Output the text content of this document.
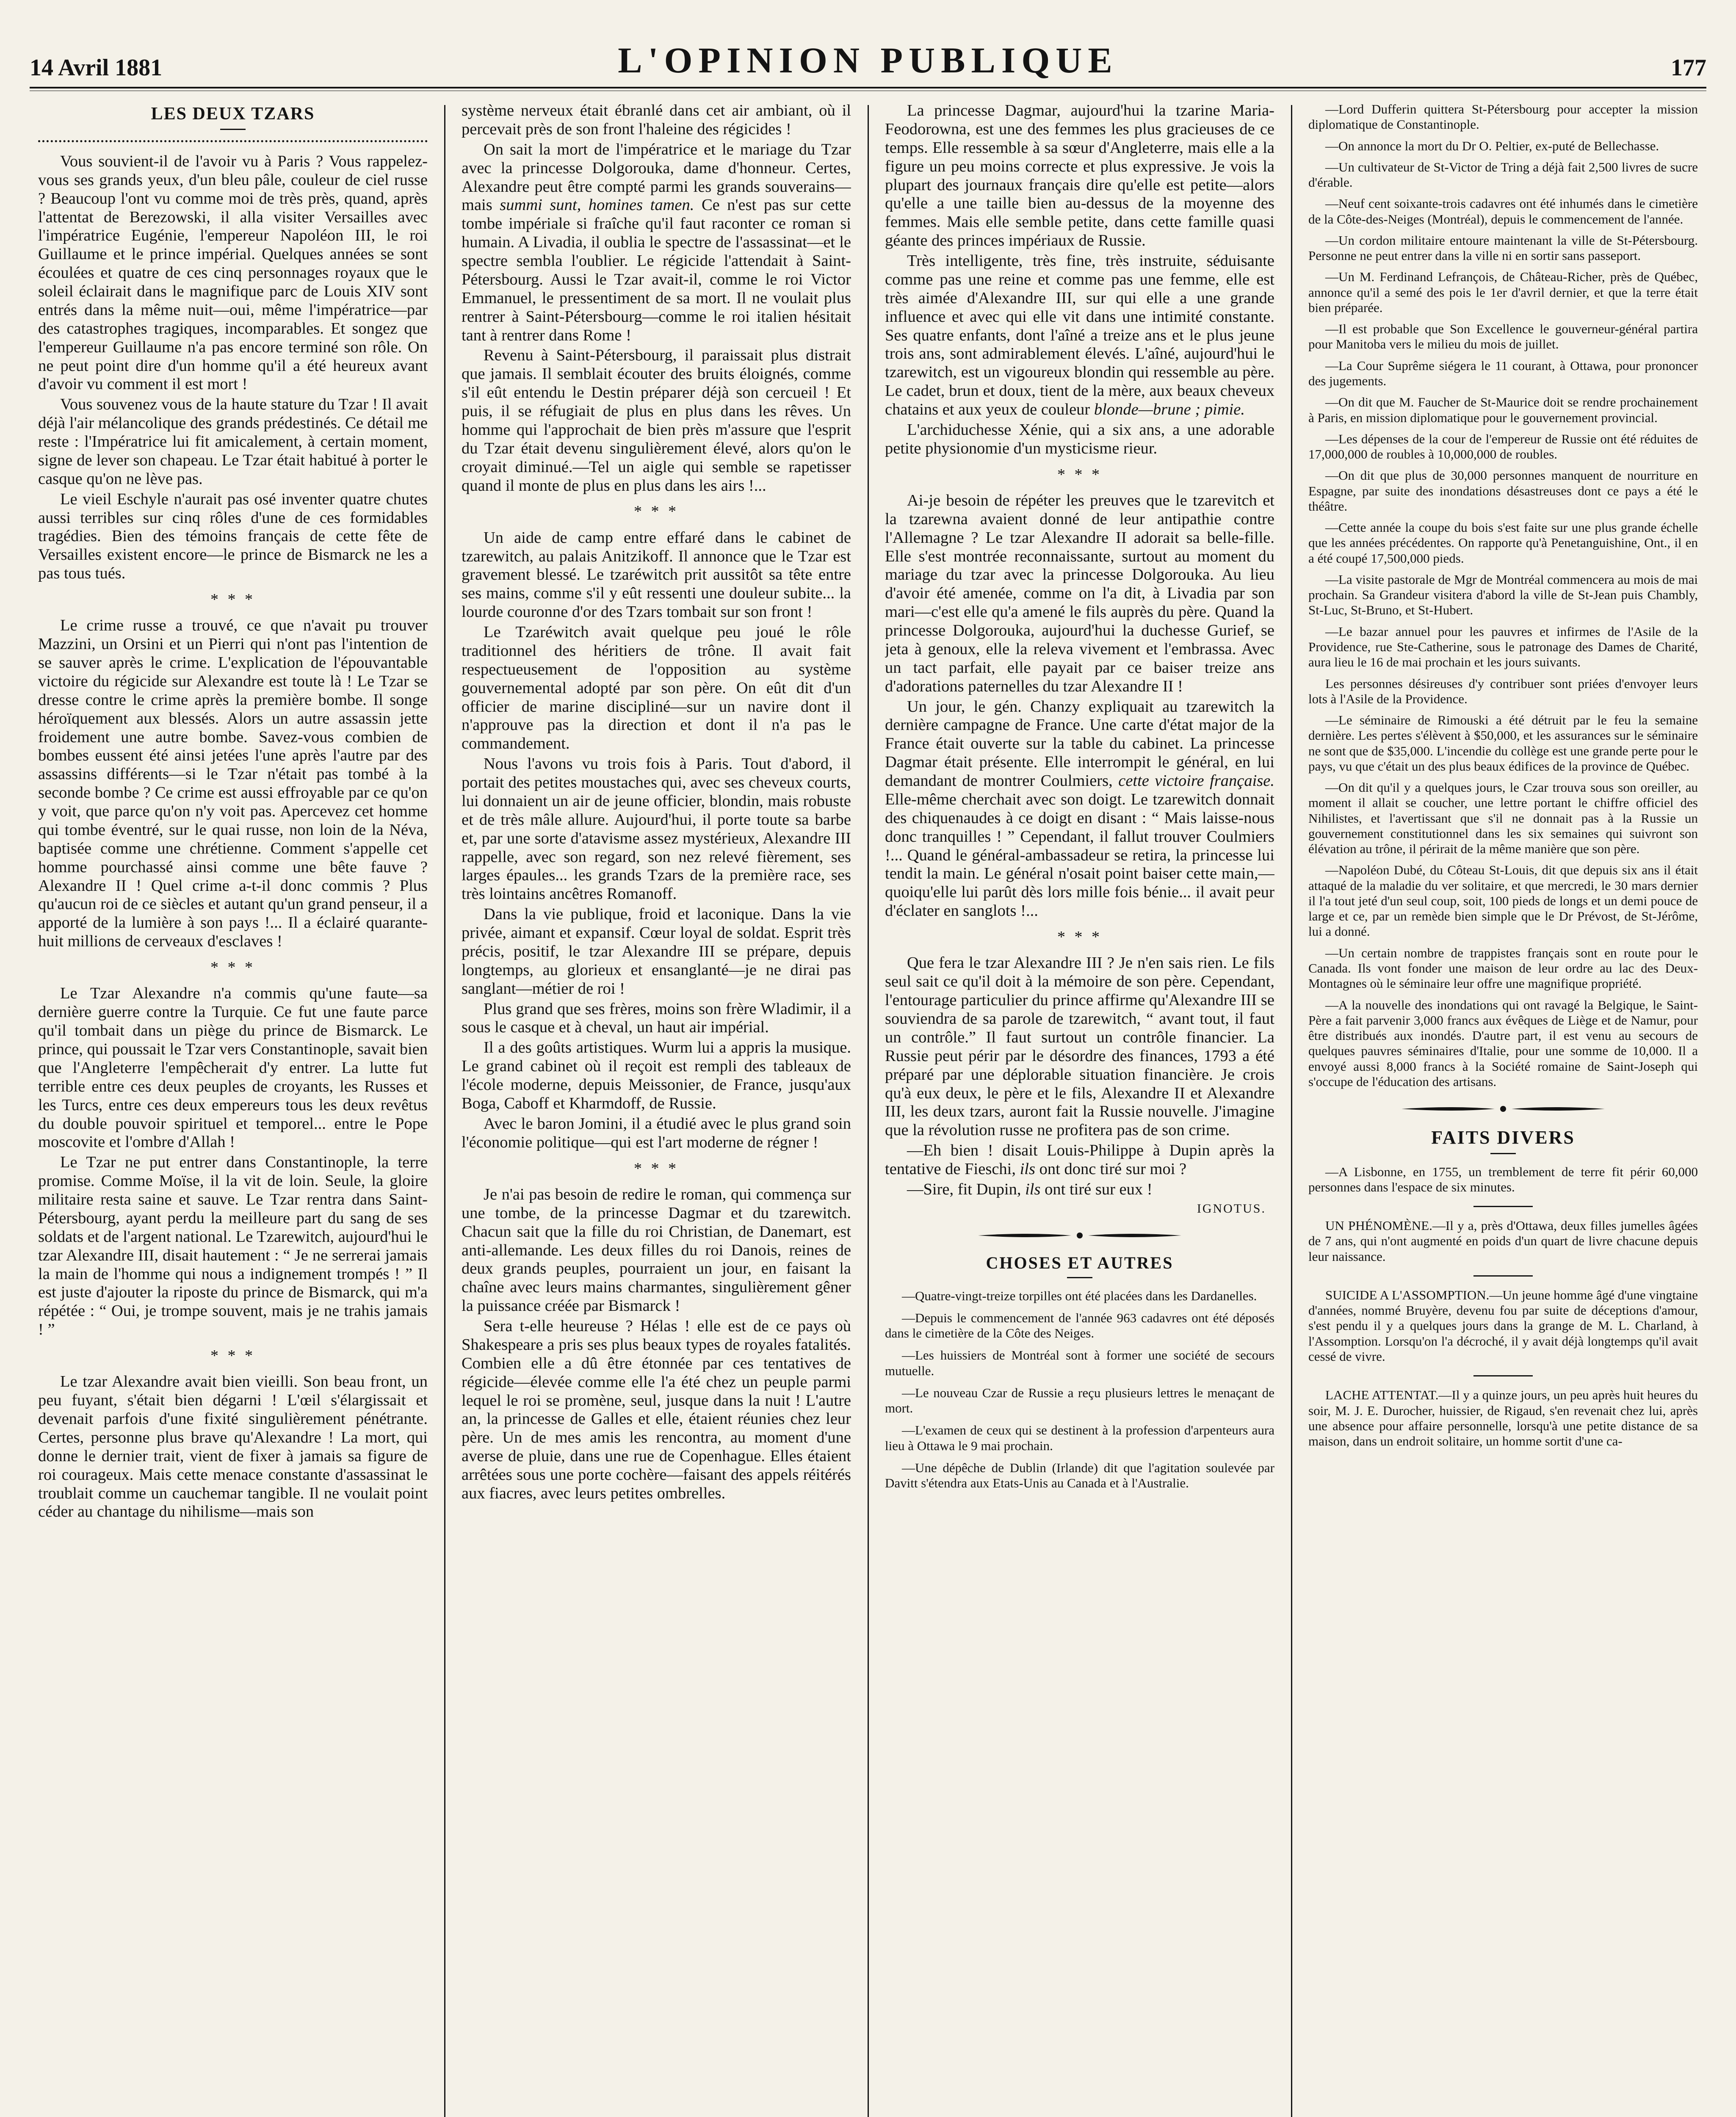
14 Avril 1881	L'OPINION PUBLIQUE	177
LES DEUX TZARS

Vous souvient-il de l'avoir vu à Paris ? Vous rappelez-vous ses grands yeux, d'un bleu pâle, couleur de ciel russe ? Beaucoup l'ont vu comme moi de très près, quand, après l'attentat de Berezowski, il alla visiter Versailles avec l'impératrice Eugénie, l'empereur Napoléon III, le roi Guillaume et le prince impérial. Quelques années se sont écoulées et quatre de ces cinq personnages royaux que le soleil éclairait dans le magnifique parc de Louis XIV sont entrés dans la même nuit—oui, même l'impératrice—par des catastrophes tragiques, incomparables. Et songez que l'empereur Guillaume n'a pas encore terminé son rôle. On ne peut point dire d'un homme qu'il a été heureux avant d'avoir vu comment il est mort !

Vous souvenez vous de la haute stature du Tzar ! Il avait déjà l'air mélancolique des grands prédestinés. Ce détail me reste : l'Impératrice lui fit amicalement, à certain moment, signe de lever son chapeau. Le Tzar était habitué à porter le casque qu'on ne lève pas.

Le vieil Eschyle n'aurait pas osé inventer quatre chutes aussi terribles sur cinq rôles d'une de ces formidables tragédies. Bien des témoins français de cette fête de Versailles existent encore—le prince de Bismarck ne les a pas tous tués.

* * *

Le crime russe a trouvé, ce que n'avait pu trouver Mazzini, un Orsini et un Pierri qui n'ont pas l'intention de se sauver après le crime. L'explication de l'épouvantable victoire du régicide sur Alexandre est toute là ! Le Tzar se dresse contre le crime après la première bombe. Il songe héroïquement aux blessés. Alors un autre assassin jette froidement une autre bombe. Savez-vous combien de bombes eussent été ainsi jetées l'une après l'autre par des assassins différents—si le Tzar n'était pas tombé à la seconde bombe ? Ce crime est aussi effroyable par ce qu'on y voit, que parce qu'on n'y voit pas. Apercevez cet homme qui tombe éventré, sur le quai russe, non loin de la Néva, baptisée comme une chrétienne. Comment s'appelle cet homme pourchassé ainsi comme une bête fauve ? Alexandre II ! Quel crime a-t-il donc commis ? Plus qu'aucun roi de ce siècles et autant qu'un grand penseur, il a apporté de la lumière à son pays !... Il a éclairé quarante-huit millions de cerveaux d'esclaves !

* * *

Le Tzar Alexandre n'a commis qu'une faute—sa dernière guerre contre la Turquie. Ce fut une faute parce qu'il tombait dans un piège du prince de Bismarck. Le prince, qui poussait le Tzar vers Constantinople, savait bien que l'Angleterre l'empêcherait d'y entrer. La lutte fut terrible entre ces deux peuples de croyants, les Russes et les Turcs, entre ces deux empereurs tous les deux revêtus du double pouvoir spirituel et temporel... entre le Pope moscovite et l'ombre d'Allah !

Le Tzar ne put entrer dans Constantinople, la terre promise. Comme Moïse, il la vit de loin. Seule, la gloire militaire resta saine et sauve. Le Tzar rentra dans Saint-Pétersbourg, ayant perdu la meilleure part du sang de ses soldats et de l'argent national. Le Tzarewitch, aujourd'hui le tzar Alexandre III, disait hautement : “ Je ne serrerai jamais la main de l'homme qui nous a indignement trompés ! ” Il est juste d'ajouter la riposte du prince de Bismarck, qui m'a répétée : “ Oui, je trompe souvent, mais je ne trahis jamais ! ”

* * *

Le tzar Alexandre avait bien vieilli. Son beau front, un peu fuyant, s'était bien dégarni ! L'œil s'élargissait et devenait parfois d'une fixité singulièrement pénétrante. Certes, personne plus brave qu'Alexandre ! La mort, qui donne le dernier trait, vient de fixer à jamais sa figure de roi courageux. Mais cette menace constante d'assassinat le troublait comme un cauchemar tangible. Il ne voulait point céder au chantage du nihilisme—mais son

système nerveux était ébranlé dans cet air ambiant, où il percevait près de son front l'haleine des régicides !

On sait la mort de l'impératrice et le mariage du Tzar avec la princesse Dolgorouka, dame d'honneur. Certes, Alexandre peut être compté parmi les grands souverains—mais summi sunt, homines tamen. Ce n'est pas sur cette tombe impériale si fraîche qu'il faut raconter ce roman si humain. A Livadia, il oublia le spectre de l'assassinat—et le spectre sembla l'oublier. Le régicide l'attendait à Saint-Pétersbourg. Aussi le Tzar avait-il, comme le roi Victor Emmanuel, le pressentiment de sa mort. Il ne voulait plus rentrer à Saint-Pétersbourg—comme le roi italien hésitait tant à rentrer dans Rome !

Revenu à Saint-Pétersbourg, il paraissait plus distrait que jamais. Il semblait écouter des bruits éloignés, comme s'il eût entendu le Destin préparer déjà son cercueil ! Et puis, il se réfugiait de plus en plus dans les rêves. Un homme qui l'approchait de bien près m'assure que l'esprit du Tzar était devenu singulièrement élevé, alors qu'on le croyait diminué.—Tel un aigle qui semble se rapetisser quand il monte de plus en plus dans les airs !...

* * *

Un aide de camp entre effaré dans le cabinet de tzarewitch, au palais Anitzikoff. Il annonce que le Tzar est gravement blessé. Le tzaréwitch prit aussitôt sa tête entre ses mains, comme s'il y eût ressenti une douleur subite... la lourde couronne d'or des Tzars tombait sur son front !

Le Tzaréwitch avait quelque peu joué le rôle traditionnel des héritiers de trône. Il avait fait respectueusement de l'opposition au système gouvernemental adopté par son père. On eût dit d'un officier de marine discipliné—sur un navire dont il n'approuve pas la direction et dont il n'a pas le commandement.

Nous l'avons vu trois fois à Paris. Tout d'abord, il portait des petites moustaches qui, avec ses cheveux courts, lui donnaient un air de jeune officier, blondin, mais robuste et de très mâle allure. Aujourd'hui, il porte toute sa barbe et, par une sorte d'atavisme assez mystérieux, Alexandre III rappelle, avec son regard, son nez relevé fièrement, ses larges épaules... les grands Tzars de la première race, ses très lointains ancêtres Romanoff.

Dans la vie publique, froid et laconique. Dans la vie privée, aimant et expansif. Cœur loyal de soldat. Esprit très précis, positif, le tzar Alexandre III se prépare, depuis longtemps, au glorieux et ensanglanté—je ne dirai pas sanglant—métier de roi !

Plus grand que ses frères, moins son frère Wladimir, il a sous le casque et à cheval, un haut air impérial.

Il a des goûts artistiques. Wurm lui a appris la musique. Le grand cabinet où il reçoit est rempli des tableaux de l'école moderne, depuis Meissonier, de France, jusqu'aux Boga, Caboff et Kharmdoff, de Russie.

Avec le baron Jomini, il a étudié avec le plus grand soin l'économie politique—qui est l'art moderne de régner !

* * *

Je n'ai pas besoin de redire le roman, qui commença sur une tombe, de la princesse Dagmar et du tzarewitch. Chacun sait que la fille du roi Christian, de Danemart, est anti-allemande. Les deux filles du roi Danois, reines de deux grands peuples, pourraient un jour, en faisant la chaîne avec leurs mains charmantes, singulièrement gêner la puissance créée par Bismarck !

Sera t-elle heureuse ? Hélas ! elle est de ce pays où Shakespeare a pris ses plus beaux types de royales fatalités. Combien elle a dû être étonnée par ces tentatives de régicide—élevée comme elle l'a été chez un peuple parmi lequel le roi se promène, seul, jusque dans la nuit ! L'autre an, la princesse de Galles et elle, étaient réunies chez leur père. Un de mes amis les rencontra, au moment d'une averse de pluie, dans une rue de Copenhague. Elles étaient arrêtées sous une porte cochère—faisant des appels réitérés aux fiacres, avec leurs petites ombrelles.

La princesse Dagmar, aujourd'hui la tzarine Maria-Feodorowna, est une des femmes les plus gracieuses de ce temps. Elle ressemble à sa sœur d'Angleterre, mais elle a la figure un peu moins correcte et plus expressive. Je vois la plupart des journaux français dire qu'elle est petite—alors qu'elle a une taille bien au-dessus de la moyenne des femmes. Mais elle semble petite, dans cette famille quasi géante des princes impériaux de Russie.

Très intelligente, très fine, très instruite, séduisante comme pas une reine et comme pas une femme, elle est très aimée d'Alexandre III, sur qui elle a une grande influence et avec qui elle vit dans une intimité constante. Ses quatre enfants, dont l'aîné a treize ans et le plus jeune trois ans, sont admirablement élevés. L'aîné, aujourd'hui le tzarewitch, est un vigoureux blondin qui ressemble au père. Le cadet, brun et doux, tient de la mère, aux beaux cheveux chatains et aux yeux de couleur blonde—brune ; pimie.

L'archiduchesse Xénie, qui a six ans, a une adorable petite physionomie d'un mysticisme rieur.

* * *

Ai-je besoin de répéter les preuves que le tzarevitch et la tzarewna avaient donné de leur antipathie contre l'Allemagne ? Le tzar Alexandre II adorait sa belle-fille. Elle s'est montrée reconnaissante, surtout au moment du mariage du tzar avec la princesse Dolgorouka. Au lieu d'avoir été amenée, comme on l'a dit, à Livadia par son mari—c'est elle qu'a amené le fils auprès du père. Quand la princesse Dolgorouka, aujourd'hui la duchesse Gurief, se jeta à genoux, elle la releva vivement et l'embrassa. Avec un tact parfait, elle payait par ce baiser treize ans d'adorations paternelles du tzar Alexandre II !

Un jour, le gén. Chanzy expliquait au tzarewitch la dernière campagne de France. Une carte d'état major de la France était ouverte sur la table du cabinet. La princesse Dagmar était présente. Elle interrompit le général, en lui demandant de montrer Coulmiers, cette victoire française. Elle-même cherchait avec son doigt. Le tzarewitch donnait des chiquenaudes à ce doigt en disant : “ Mais laisse-nous donc tranquilles ! ” Cependant, il fallut trouver Coulmiers !... Quand le général-ambassadeur se retira, la princesse lui tendit la main. Le général n'osait point baiser cette main,—quoiqu'elle lui parût dès lors mille fois bénie... il avait peur d'éclater en sanglots !...

* * *

Que fera le tzar Alexandre III ? Je n'en sais rien. Le fils seul sait ce qu'il doit à la mémoire de son père. Cependant, l'entourage particulier du prince affirme qu'Alexandre III se souviendra de sa parole de tzarewitch, “ avant tout, il faut un contrôle.” Il faut surtout un contrôle financier. La Russie peut périr par le désordre des finances, 1793 a été préparé par une déplorable situation financière. Je crois qu'à eux deux, le père et le fils, Alexandre II et Alexandre III, les deux tzars, auront fait la Russie nouvelle. J'imagine que la révolution russe ne profitera pas de son crime.

—Eh bien ! disait Louis-Philippe à Dupin après la tentative de Fieschi, ils ont donc tiré sur moi ?

—Sire, fit Dupin, ils ont tiré sur eux !

IGNOTUS.
CHOSES ET AUTRES

—Quatre-vingt-treize torpilles ont été placées dans les Dardanelles.

—Depuis le commencement de l'année 963 cadavres ont été déposés dans le cimetière de la Côte des Neiges.

—Les huissiers de Montréal sont à former une société de secours mutuelle.

—Le nouveau Czar de Russie a reçu plusieurs lettres le menaçant de mort.

—L'examen de ceux qui se destinent à la profession d'arpenteurs aura lieu à Ottawa le 9 mai prochain.

—Une dépêche de Dublin (Irlande) dit que l'agitation soulevée par Davitt s'étendra aux Etats-Unis au Canada et à l'Australie.

—Lord Dufferin quittera St-Pétersbourg pour accepter la mission diplomatique de Constantinople.

—On annonce la mort du Dr O. Peltier, ex-puté de Bellechasse.

—Un cultivateur de St-Victor de Tring a déjà fait 2,500 livres de sucre d'érable.

—Neuf cent soixante-trois cadavres ont été inhumés dans le cimetière de la Côte-des-Neiges (Montréal), depuis le commencement de l'année.

—Un cordon militaire entoure maintenant la ville de St-Pétersbourg. Personne ne peut entrer dans la ville ni en sortir sans passeport.

—Un M. Ferdinand Lefrançois, de Château-Richer, près de Québec, annonce qu'il a semé des pois le 1er d'avril dernier, et que la terre était bien préparée.

—Il est probable que Son Excellence le gouverneur-général partira pour Manitoba vers le milieu du mois de juillet.

—La Cour Suprême siégera le 11 courant, à Ottawa, pour prononcer des jugements.

—On dit que M. Faucher de St-Maurice doit se rendre prochainement à Paris, en mission diplomatique pour le gouvernement provincial.

—Les dépenses de la cour de l'empereur de Russie ont été réduites de 17,000,000 de roubles à 10,000,000 de roubles.

—On dit que plus de 30,000 personnes manquent de nourriture en Espagne, par suite des inondations désastreuses dont ce pays a été le théâtre.

—Cette année la coupe du bois s'est faite sur une plus grande échelle que les années précédentes. On rapporte qu'à Penetanguishine, Ont., il en a été coupé 17,500,000 pieds.

—La visite pastorale de Mgr de Montréal commencera au mois de mai prochain. Sa Grandeur visitera d'abord la ville de St-Jean puis Chambly, St-Luc, St-Bruno, et St-Hubert.

—Le bazar annuel pour les pauvres et infirmes de l'Asile de la Providence, rue Ste-Catherine, sous le patronage des Dames de Charité, aura lieu le 16 de mai prochain et les jours suivants.

Les personnes désireuses d'y contribuer sont priées d'envoyer leurs lots à l'Asile de la Providence.

—Le séminaire de Rimouski a été détruit par le feu la semaine dernière. Les pertes s'élèvent à $50,000, et les assurances sur le séminaire ne sont que de $35,000. L'incendie du collège est une grande perte pour le pays, vu que c'était un des plus beaux édifices de la province de Québec.

—On dit qu'il y a quelques jours, le Czar trouva sous son oreiller, au moment il allait se coucher, une lettre portant le chiffre officiel des Nihilistes, et l'avertissant que s'il ne donnait pas à la Russie un gouvernement constitutionnel dans les six semaines qui suivront son élévation au trône, il périrait de la même manière que son père.

—Napoléon Dubé, du Côteau St-Louis, dit que depuis six ans il était attaqué de la maladie du ver solitaire, et que mercredi, le 30 mars dernier il l'a tout jeté d'un seul coup, soit, 100 pieds de longs et un demi pouce de large et ce, par un remède bien simple que le Dr Prévost, de St-Jérôme, lui a donné.

—Un certain nombre de trappistes français sont en route pour le Canada. Ils vont fonder une maison de leur ordre au lac des Deux-Montagnes où le séminaire leur offre une magnifique propriété.

—A la nouvelle des inondations qui ont ravagé la Belgique, le Saint-Père a fait parvenir 3,000 francs aux évêques de Liège et de Namur, pour être distribués aux inondés. D'autre part, il est venu au secours de quelques pauvres séminaires d'Italie, pour une somme de 10,000. Il a envoyé aussi 8,000 francs à la Société romaine de Saint-Joseph qui s'occupe de l'éducation des artisans.

FAITS DIVERS

—A Lisbonne, en 1755, un tremblement de terre fit périr 60,000 personnes dans l'espace de six minutes.

UN PHÉNOMÈNE.—Il y a, près d'Ottawa, deux filles jumelles âgées de 7 ans, qui n'ont augmenté en poids d'un quart de livre chacune depuis leur naissance.

SUICIDE A L'ASSOMPTION.—Un jeune homme âgé d'une vingtaine d'années, nommé Bruyère, devenu fou par suite de déceptions d'amour, s'est pendu il y a quelques jours dans la grange de M. L. Charland, à l'Assomption. Lorsqu'on l'a décroché, il y avait déjà longtemps qu'il avait cessé de vivre.

LACHE ATTENTAT.—Il y a quinze jours, un peu après huit heures du soir, M. J. E. Durocher, huissier, de Rigaud, s'en revenait chez lui, après une absence pour affaire personnelle, lorsqu'à une petite distance de sa maison, dans un endroit solitaire, un homme sortit d'une ca-
